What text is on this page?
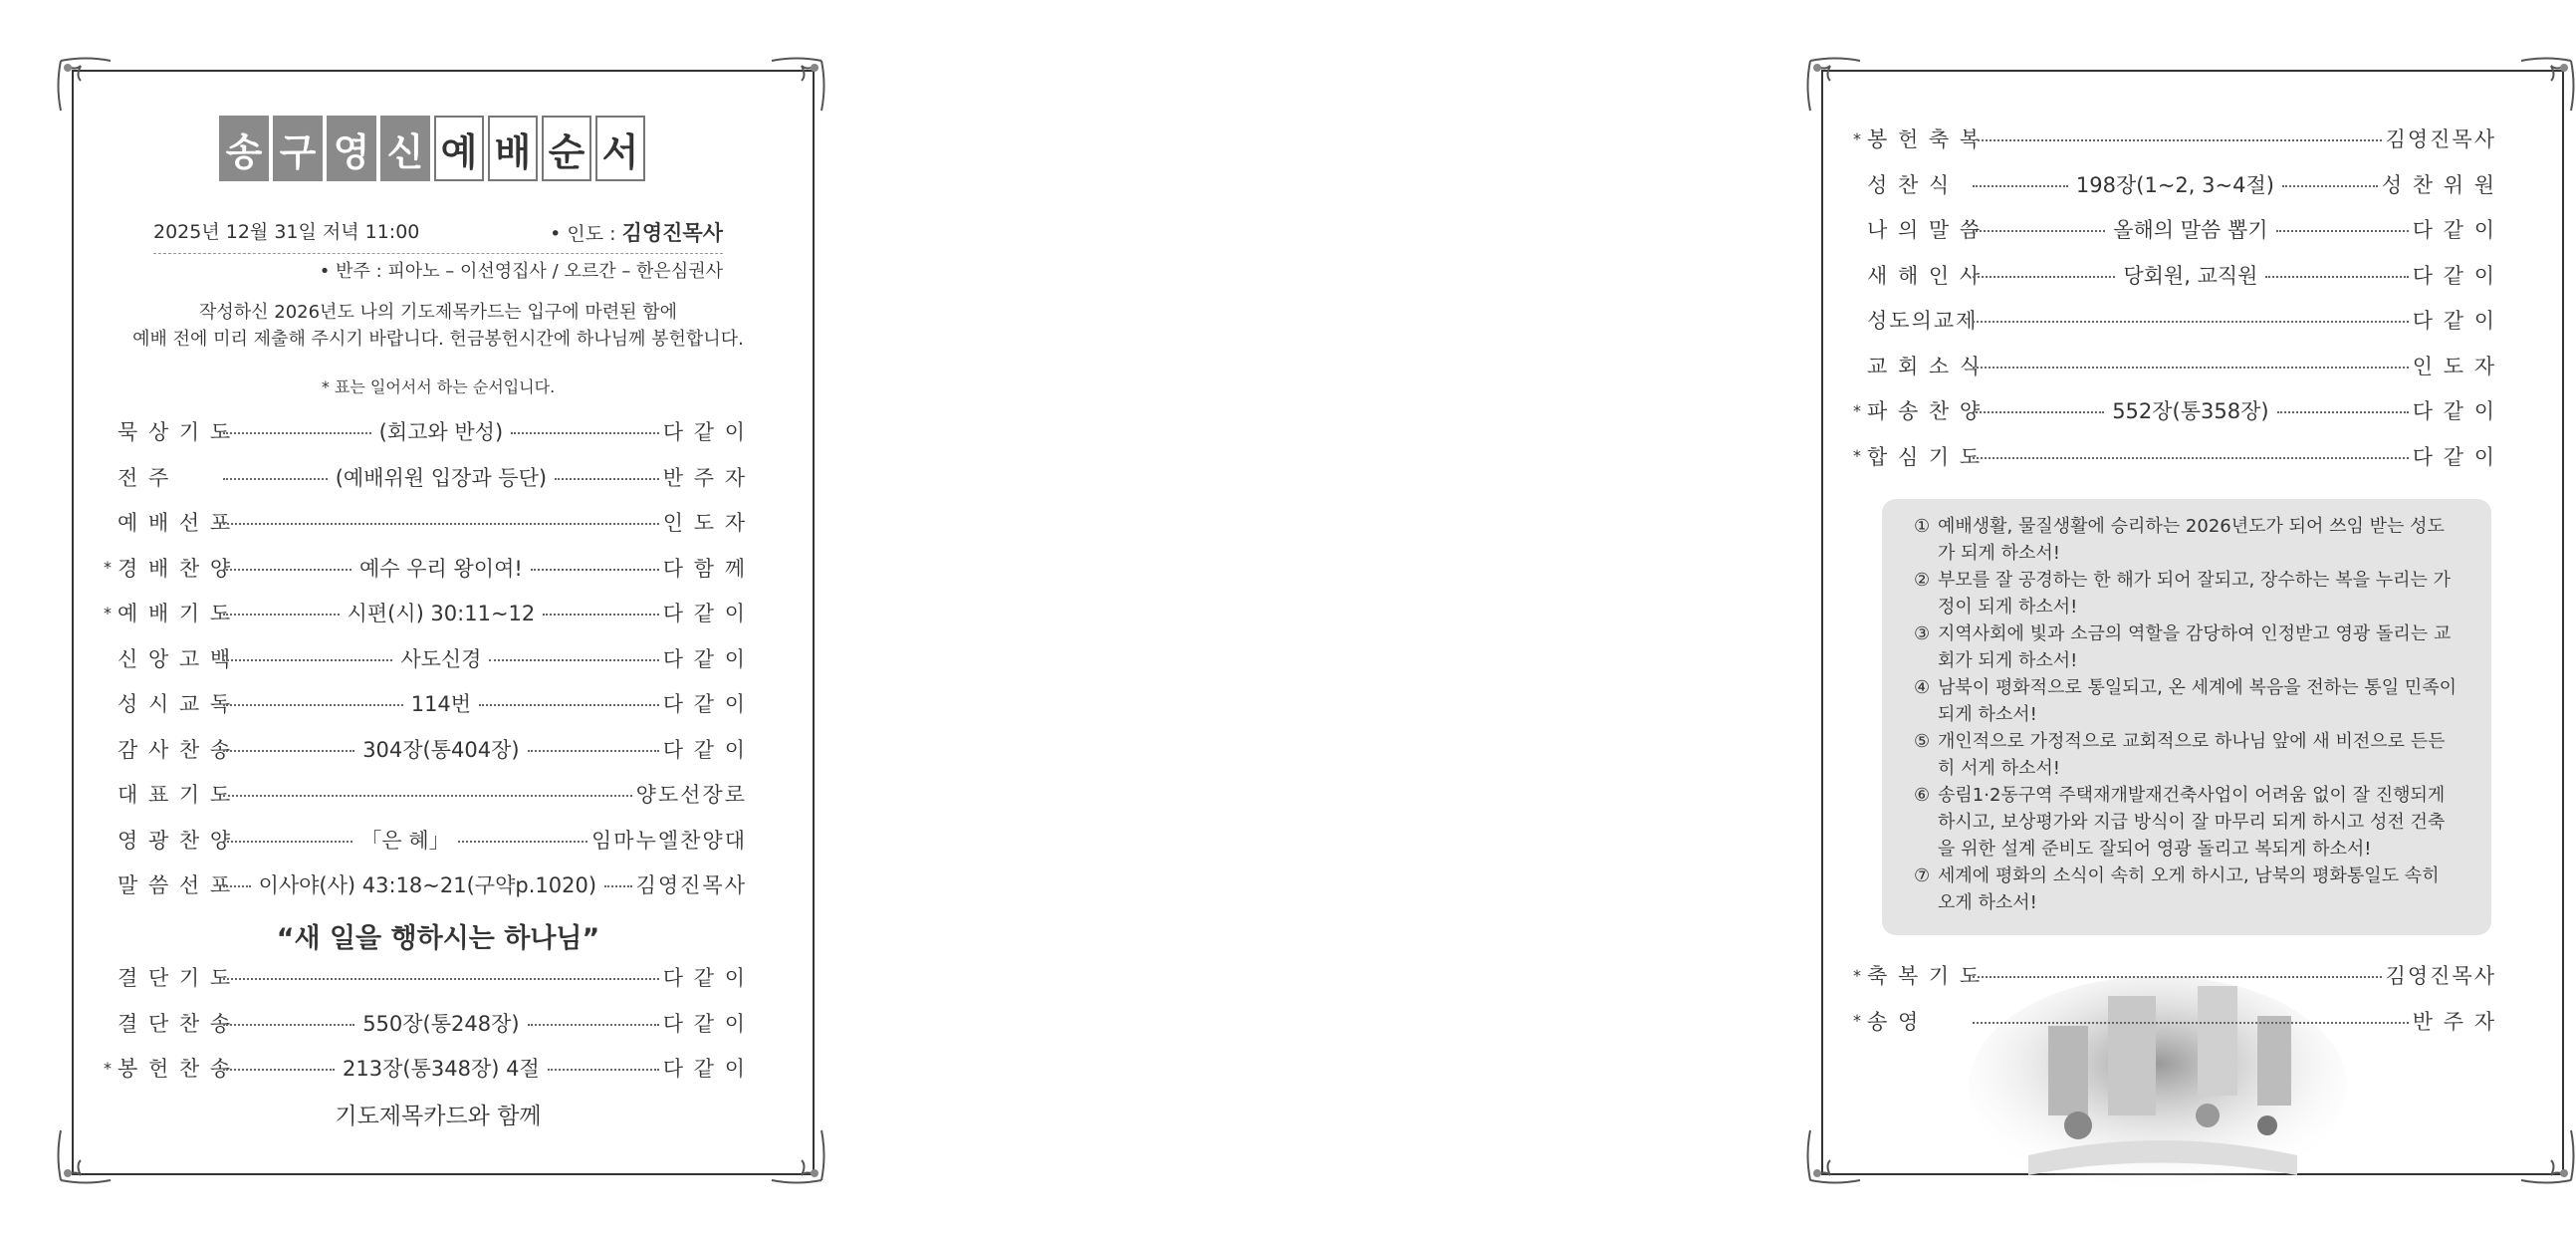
송 구 영 신 예 배 순 서
2025년 12월 31일 저녁 11:00	• 인도 : 김영진목사
• 반주 : 피아노 – 이선영집사 / 오르간 – 한은심권사
작성하신 2026년도 나의 기도제목카드는 입구에 마련된 함에
예배 전에 미리 제출해 주시기 바랍니다. 헌금봉헌시간에 하나님께 봉헌합니다.
* 표는 일어서서 하는 순서입니다.
묵 상 기 도	(회고와 반성)	다 같 이
전 주	(예배위원 입장과 등단)	반 주 자
예 배 선 포	인 도 자
* 경 배 찬 양	예수 우리 왕이여!	다 함 께
* 예 배 기 도	시편(시) 30:11~12	다 같 이
신 앙 고 백	사도신경	다 같 이
성 시 교 독	114번	다 같 이
감 사 찬 송	304장(통404장)	다 같 이
대 표 기 도	양도선장로
영 광 찬 양	「은 혜」	임마누엘찬양대
말 씀 선 포 이사야(사) 43:18~21(구약p.1020) 김영진목사
“새 일을 행하시는 하나님”
결 단 기 도	다 같 이
결 단 찬 송	550장(통248장)	다 같 이
* 봉 헌 찬 송	213장(통348장) 4절	다 같 이
기도제목카드와 함께
* 봉 헌 축 복	김영진목사
성 찬 식	198장(1~2, 3~4절)	성 찬 위 원
나 의 말 씀	올해의 말씀 뽑기	다 같 이
새 해 인 사	당회원, 교직원	다 같 이
성도의교제	다 같 이
교 회 소 식	인 도 자
* 파 송 찬 양	552장(통358장)	다 같 이
* 합 심 기 도	다 같 이
① 예배생활, 물질생활에 승리하는 2026년도가 되어 쓰임 받는 성도가 되게 하소서!
② 부모를 잘 공경하는 한 해가 되어 잘되고, 장수하는 복을 누리는 가정이 되게 하소서!
③ 지역사회에 빛과 소금의 역할을 감당하여 인정받고 영광 돌리는 교회가 되게 하소서!
④ 남북이 평화적으로 통일되고, 온 세계에 복음을 전하는 통일 민족이 되게 하소서!
⑤ 개인적으로 가정적으로 교회적으로 하나님 앞에 새 비전으로 든든히 서게 하소서!
⑥ 송림1·2동구역 주택재개발재건축사업이 어려움 없이 잘 진행되게 하시고, 보상평가와 지급 방식이 잘 마무리 되게 하시고 성전 건축을 위한 설계 준비도 잘되어 영광 돌리고 복되게 하소서!
⑦ 세계에 평화의 소식이 속히 오게 하시고, 남북의 평화통일도 속히 오게 하소서!
* 축 복 기 도	김영진목사
* 송 영	반 주 자
